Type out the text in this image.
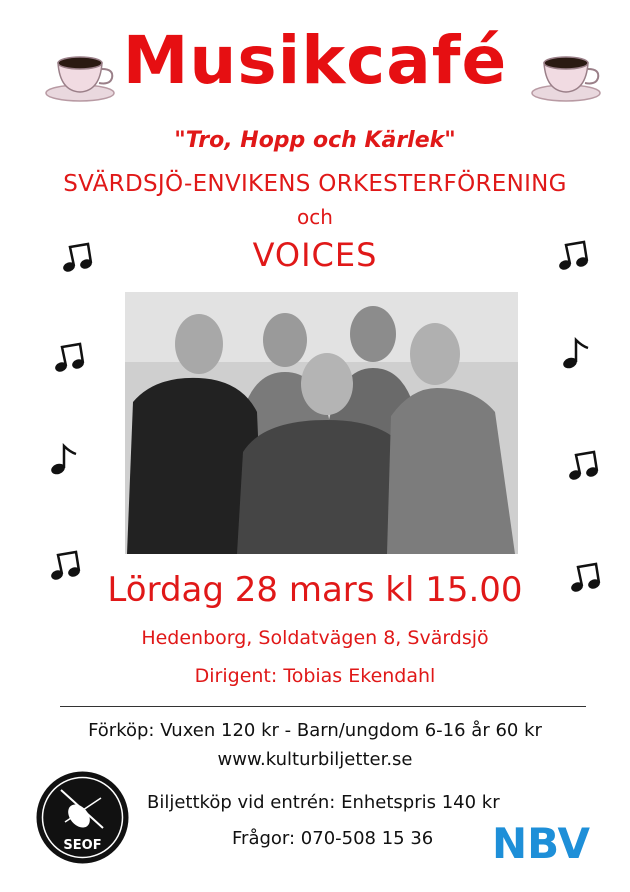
Musikcafé
"Tro, Hopp och Kärlek"
SVÄRDSJÖ-ENVIKENS ORKESTERFÖRENING
och
VOICES
Lördag 28 mars kl 15.00
Hedenborg, Soldatvägen 8, Svärdsjö
Dirigent: Tobias Ekendahl
Förköp: Vuxen 120 kr - Barn/ungdom 6-16 år 60 kr
www.kulturbiljetter.se
Biljettköp vid entrén: Enhetspris 140 kr
Frågor: 070-508 15 36
SEOF	NBV
